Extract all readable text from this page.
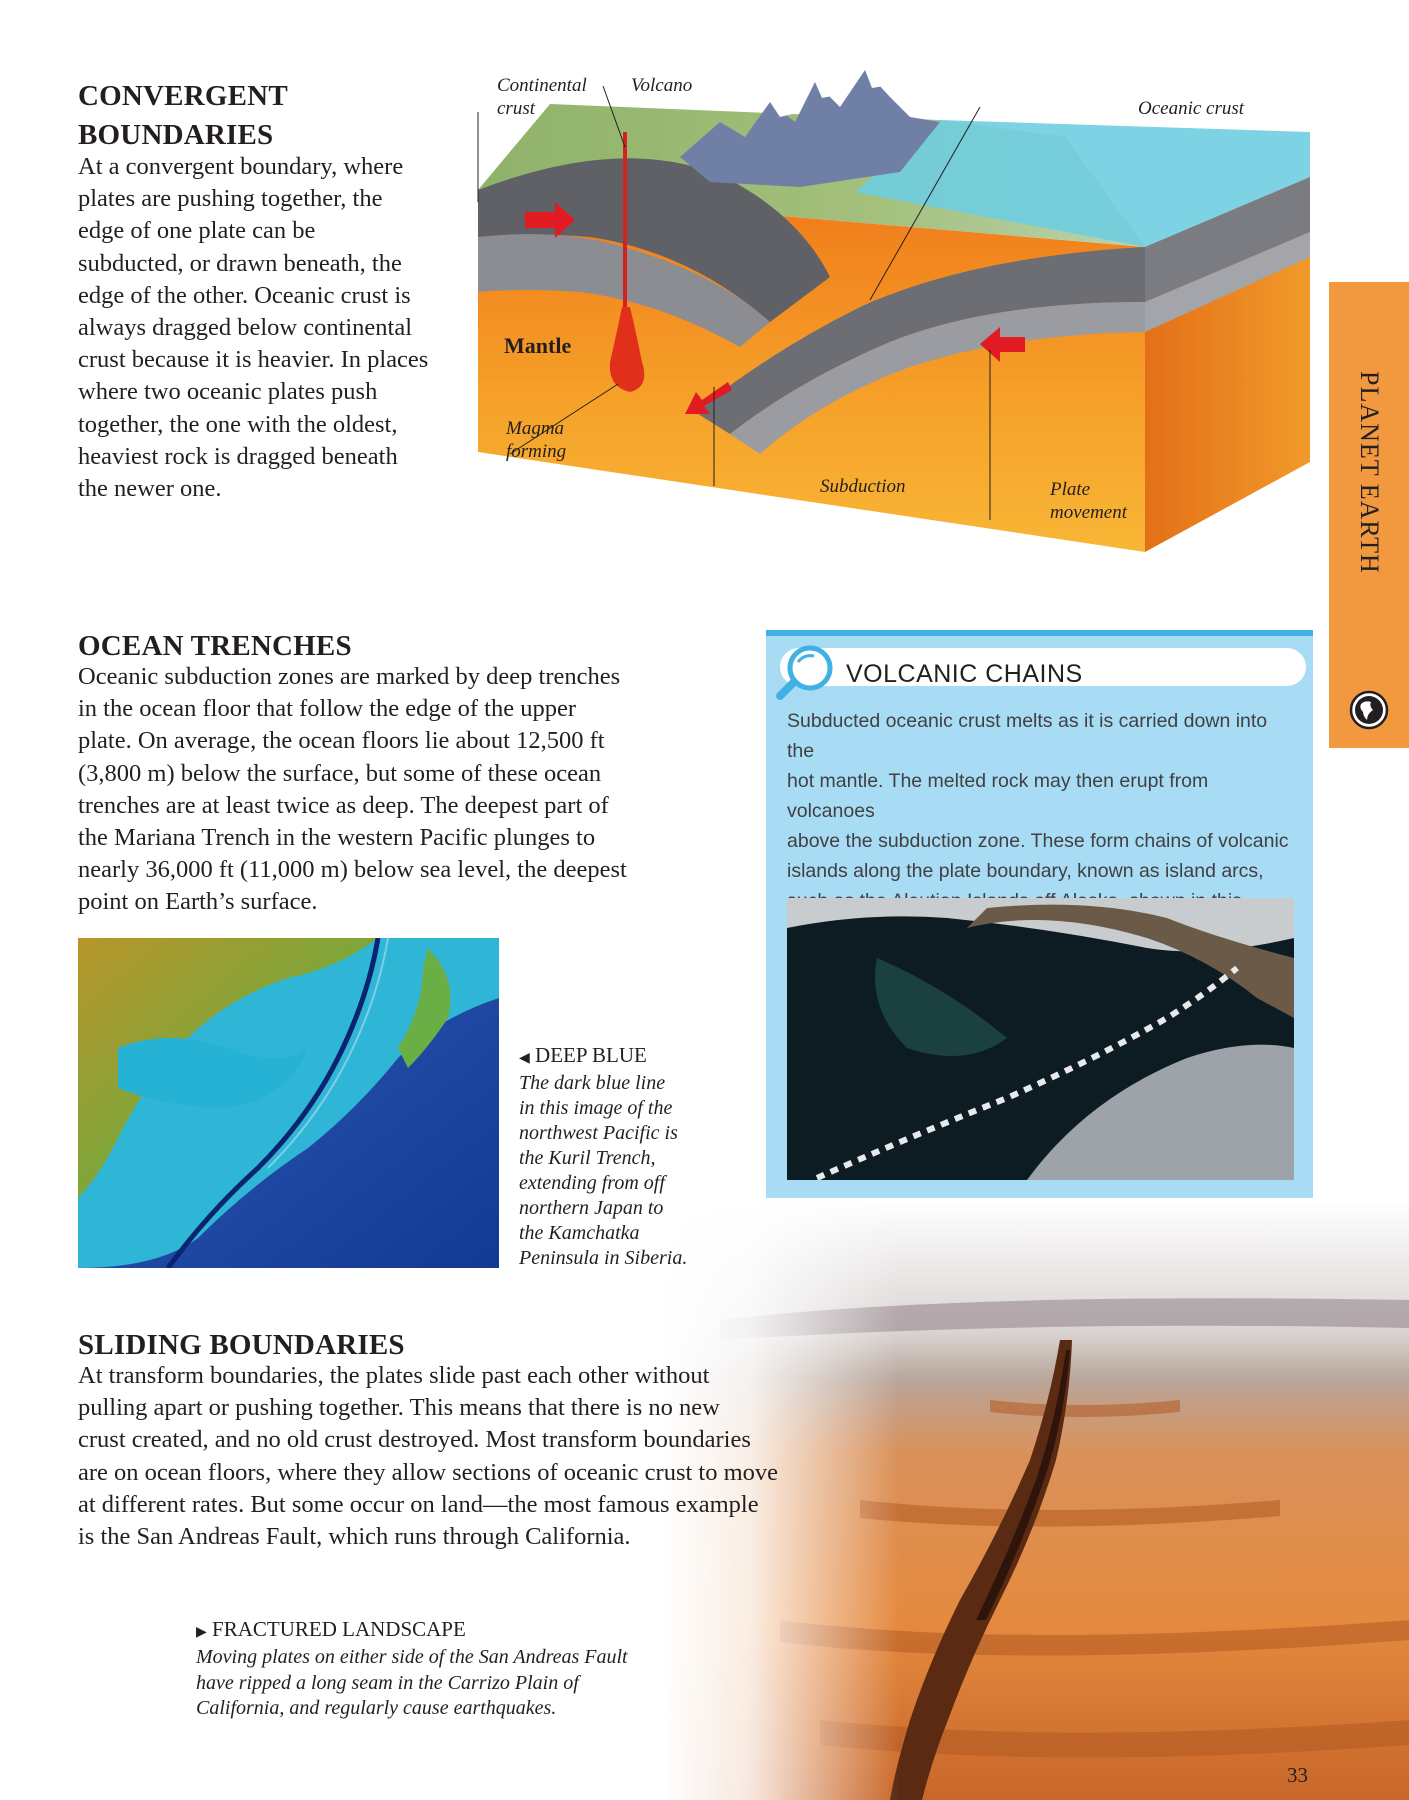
CONVERGENT
BOUNDARIES
At a convergent boundary, where
plates are pushing together, the
edge of one plate can be
subducted, or drawn beneath, the
edge of the other. Oceanic crust is
always dragged below continental
crust because it is heavier. In places
where two oceanic plates push
together, the one with the oldest,
heaviest rock is dragged beneath
the newer one.
Continental
crust
Volcano
Oceanic crust
Magma
forming
Subduction	Plate
movement
Mantle
PLANET EARTH
OCEAN TRENCHES
Oceanic subduction zones are marked by deep trenches
in the ocean floor that follow the edge of the upper
plate. On average, the ocean floors lie about 12,500 ft
(3,800 m) below the surface, but some of these ocean
trenches are at least twice as deep. The deepest part of
the Mariana Trench in the western Pacific plunges to
nearly 36,000 ft (11,000 m) below sea level, the deepest
point on Earth’s surface.
◀ DEEP BLUE
The dark blue line
in this image of the
northwest Pacific is
the Kuril Trench,
extending from off
northern Japan to
the Kamchatka
Peninsula in Siberia.
VOLCANIC CHAINS
Subducted oceanic crust melts as it is carried down into the
hot mantle. The melted rock may then erupt from volcanoes
above the subduction zone. These form chains of volcanic
islands along the plate boundary, known as island arcs,
SLIDING BOUNDARIES
At transform boundaries, the plates slide past each other without
pulling apart or pushing together. This means that there is no new
crust created, and no old crust destroyed. Most transform boundaries
are on ocean floors, where they allow sections of oceanic crust to move
at different rates. But some occur on land—the most famous example
is the San Andreas Fault, which runs through California.
▶ FRACTURED LANDSCAPE
Moving plates on either side of the San Andreas Fault
have ripped a long seam in the Carrizo Plain of
California, and regularly cause earthquakes.
33
